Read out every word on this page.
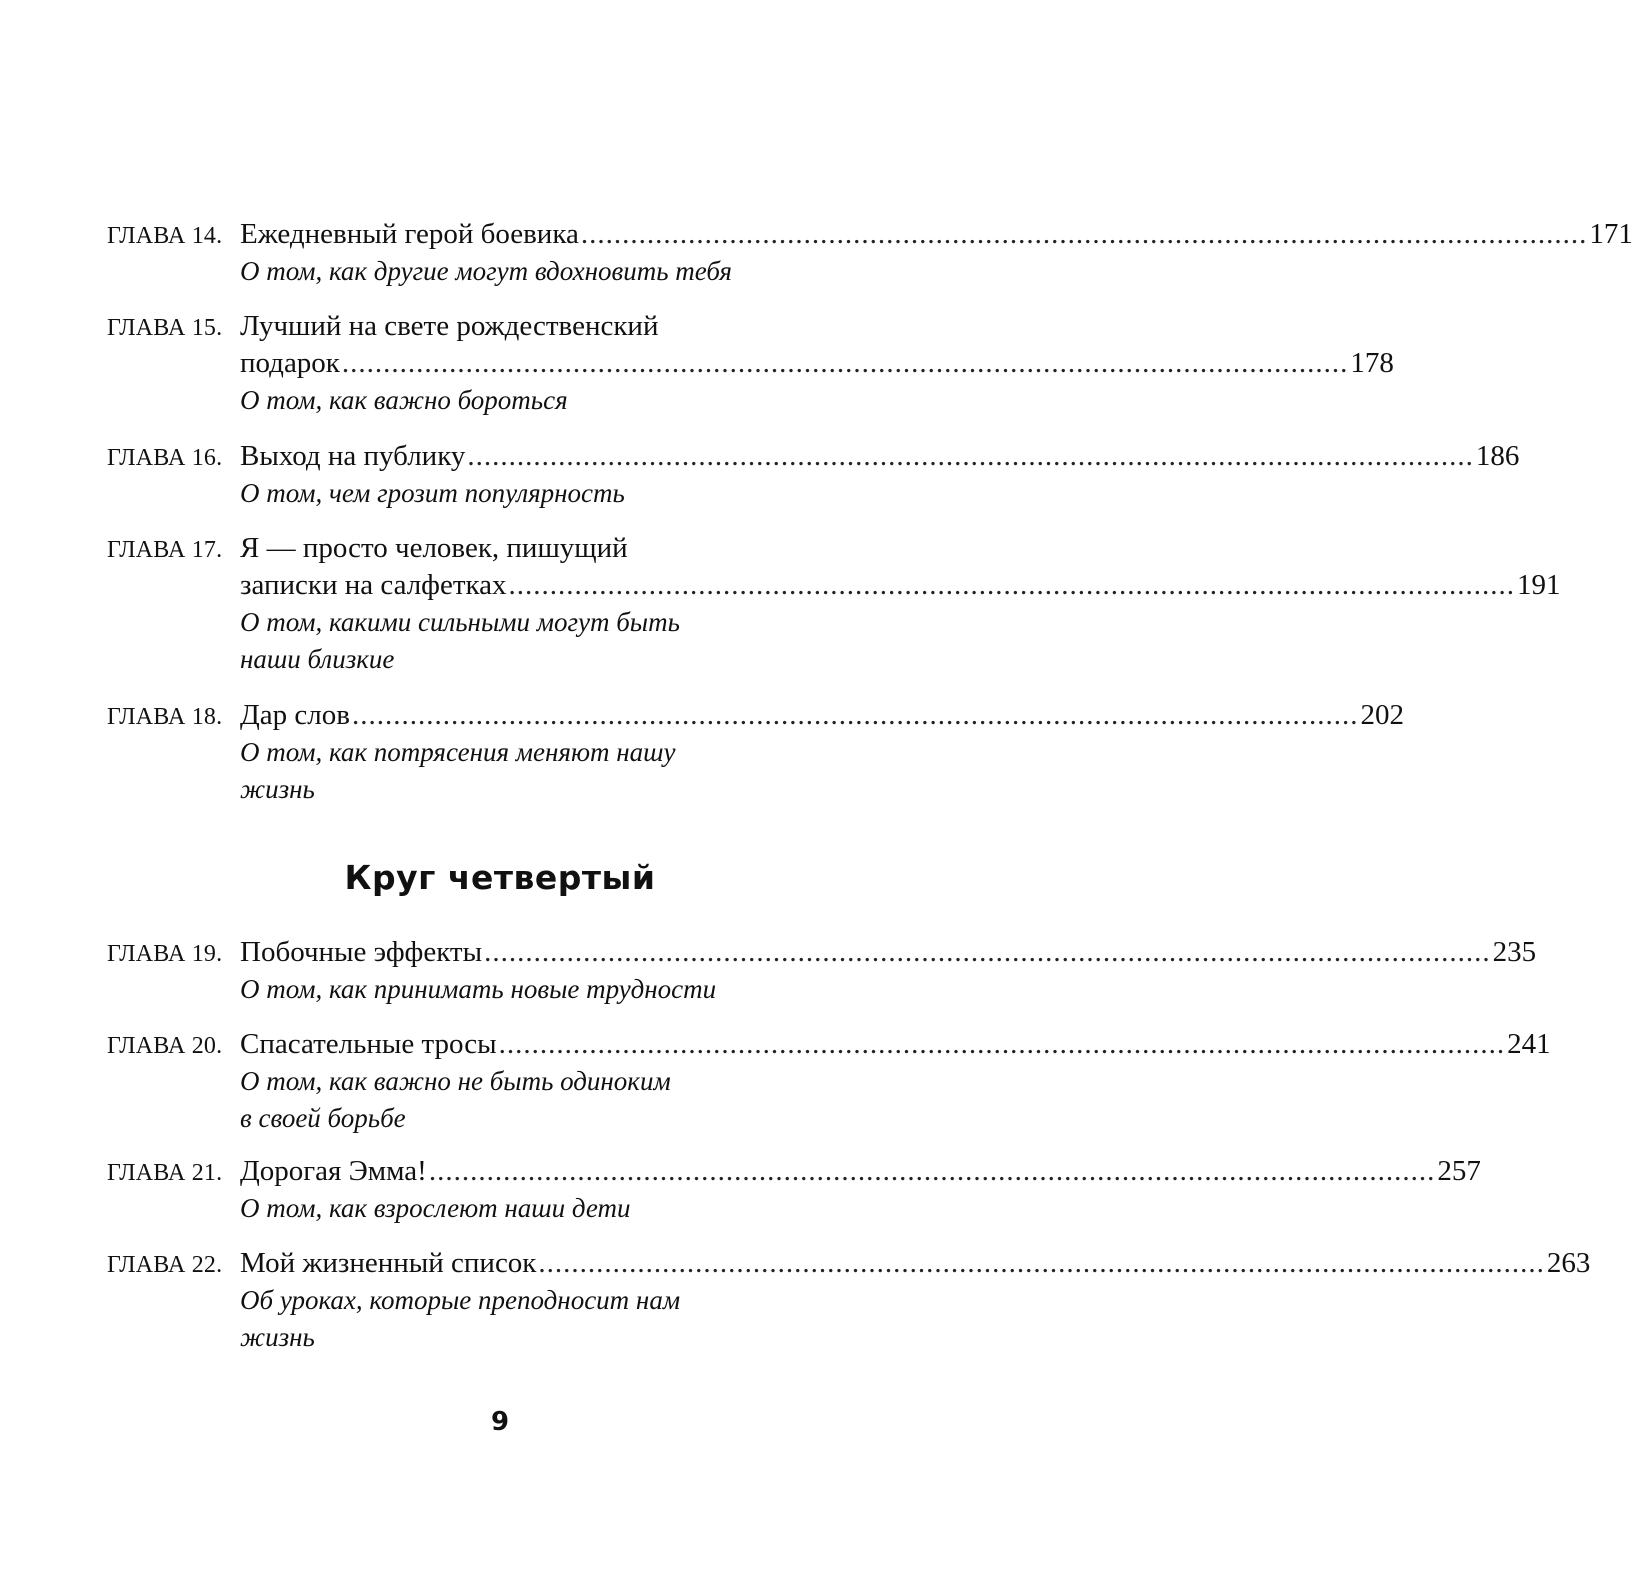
ГЛАВА 14. Ежедневный герой боевика .......................................................................................................................... 171
О том, как другие могут вдохновить тебя
ГЛАВА 15. Лучший на свете рождественский
подарок .......................................................................................................................... 178
О том, как важно бороться
ГЛАВА 16. Выход на публику .......................................................................................................................... 186
О том, чем грозит популярность
ГЛАВА 17. Я — просто человек, пишущий
записки на салфетках .......................................................................................................................... 191
О том, какими сильными могут быть
наши близкие
ГЛАВА 18. Дар слов .......................................................................................................................... 202
О том, как потрясения меняют нашу
жизнь
Круг четвертый
ГЛАВА 19. Побочные эффекты .......................................................................................................................... 235
О том, как принимать новые трудности
ГЛАВА 20. Спасательные тросы .......................................................................................................................... 241
О том, как важно не быть одиноким
в своей борьбе
ГЛАВА 21. Дорогая Эмма! .......................................................................................................................... 257
О том, как взрослеют наши дети
ГЛАВА 22. Мой жизненный список .......................................................................................................................... 263
Об уроках, которые преподносит нам
жизнь
9
